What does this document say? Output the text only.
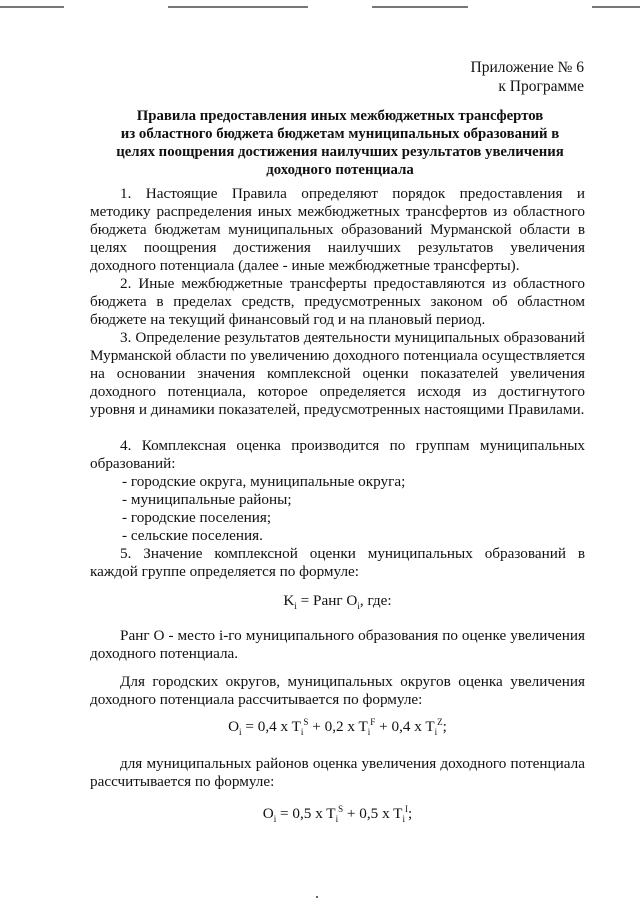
Приложение № 6
к Программе
Правила предоставления иных межбюджетных трансфертов
из областного бюджета бюджетам муниципальных образований в
целях поощрения достижения наилучших результатов увеличения
доходного потенциала
1. Настоящие Правила определяют порядок предоставления и методику распределения иных межбюджетных трансфертов из областного бюджета бюджетам муниципальных образований Мурманской области в целях поощрения достижения наилучших результатов увеличения доходного потенциала (далее - иные межбюджетные трансферты).
2. Иные межбюджетные трансферты предоставляются из областного бюджета в пределах средств, предусмотренных законом об областном бюджете на текущий финансовый год и на плановый период.
3. Определение результатов деятельности муниципальных образований Мурманской области по увеличению доходного потенциала осуществляется на основании значения комплексной оценки показателей увеличения доходного потенциала, которое определяется исходя из достигнутого уровня и динамики показателей, предусмотренных настоящими Правилами.
4. Комплексная оценка производится по группам муниципальных образований:
- городские округа, муниципальные округа;
- муниципальные районы;
- городские поселения;
- сельские поселения.
5. Значение комплексной оценки муниципальных образований в каждой группе определяется по формуле:
$K_i$ = Ранг $O_i$, где:
Ранг O - место i-го муниципального образования по оценке увеличения доходного потенциала.
Для городских округов, муниципальных округов оценка увеличения доходного потенциала рассчитывается по формуле:
$O_i = 0,4$ x $T_i^S + 0,2$ x $T_i^F + 0,4$ x $T_i^Z$;
для муниципальных районов оценка увеличения доходного потенциала рассчитывается по формуле:
$O_i = 0,5$ x $T_i^S + 0,5$ x $T_i^I$;
